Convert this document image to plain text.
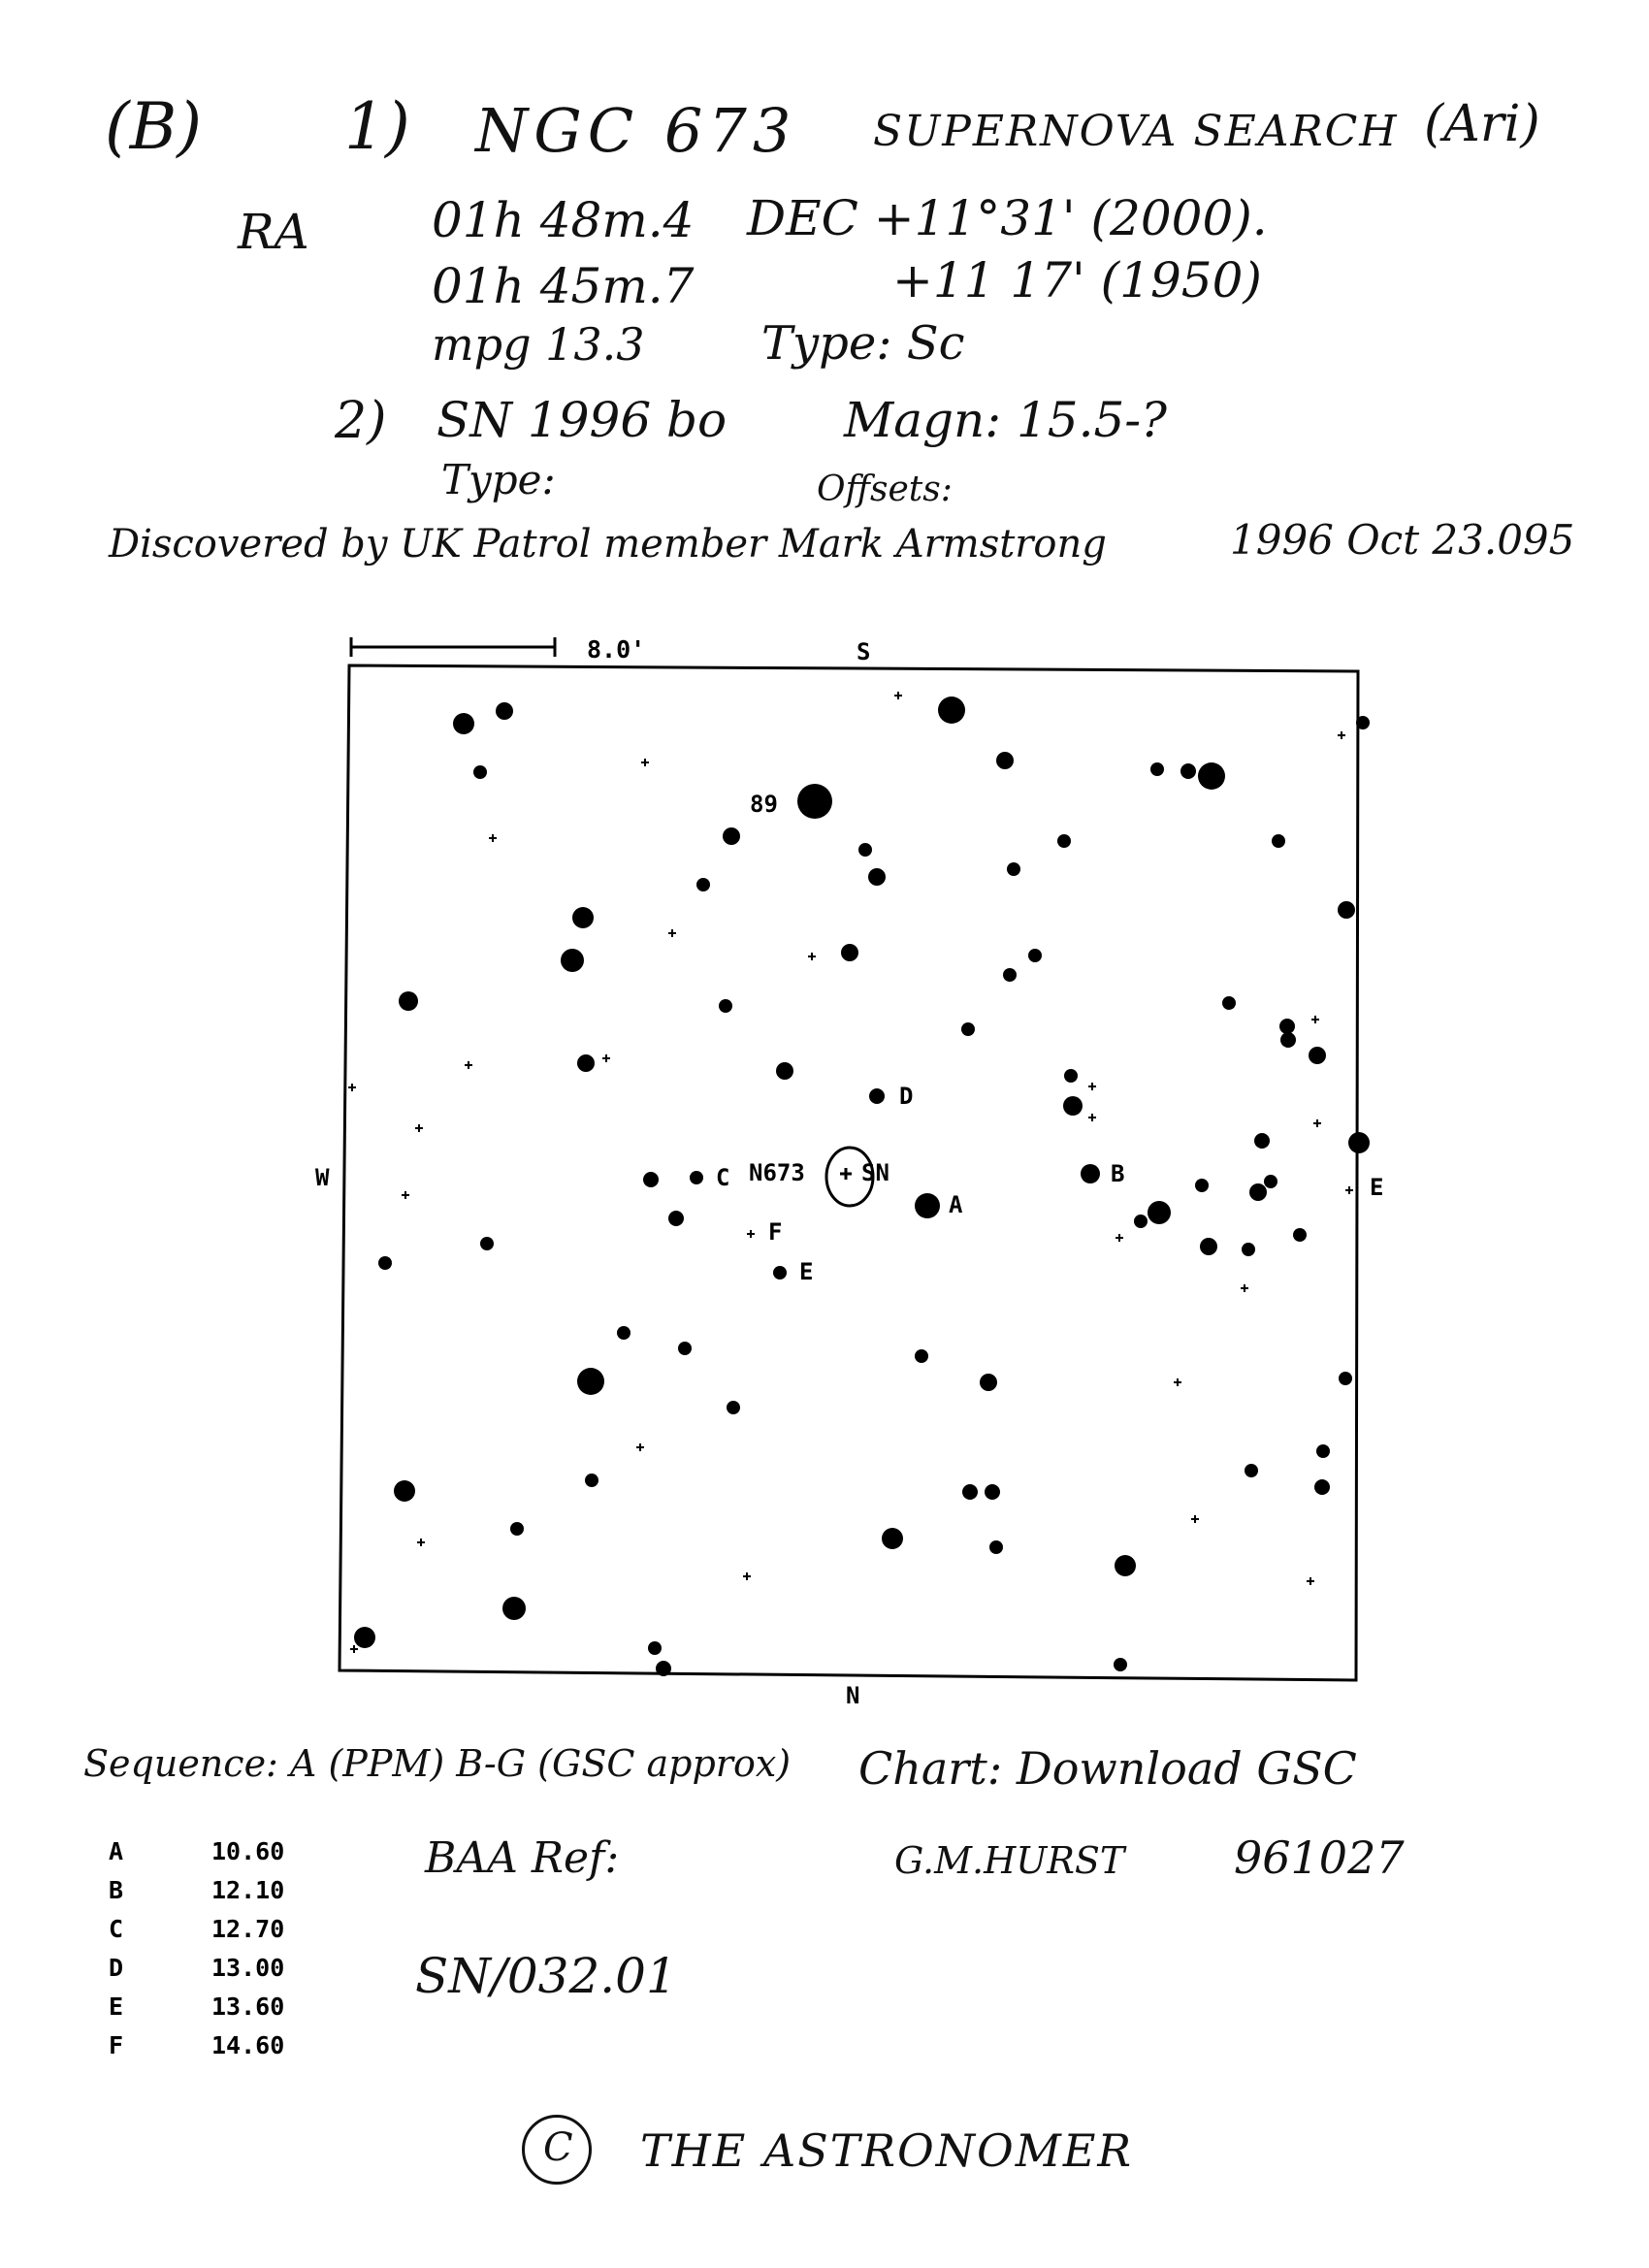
(B) 1) NGC 673 SUPERNOVA SEARCH (Ari)
RA	01h 48m.4 DEC +11°31' (2000).
01h 45m.7	+11 17' (1950)
mpg 13.3	Type: Sc
2) SN 1996 bo Magn: 15.5-?
Type:	Offsets:
Discovered by UK Patrol member Mark Armstrong	1996 Oct 23.095
8.0'	S
N
W	E
N673 SN
89
A
B
C
D
E
F
Sequence: A (PPM) B-G (GSC approx) Chart: Download GSC
BAA Ref:	G.M.HURST 961027
SN/032.01
A	10.60
B	12.10
C	12.70
D	13.00
E	13.60
F	14.60
C THE ASTRONOMER
